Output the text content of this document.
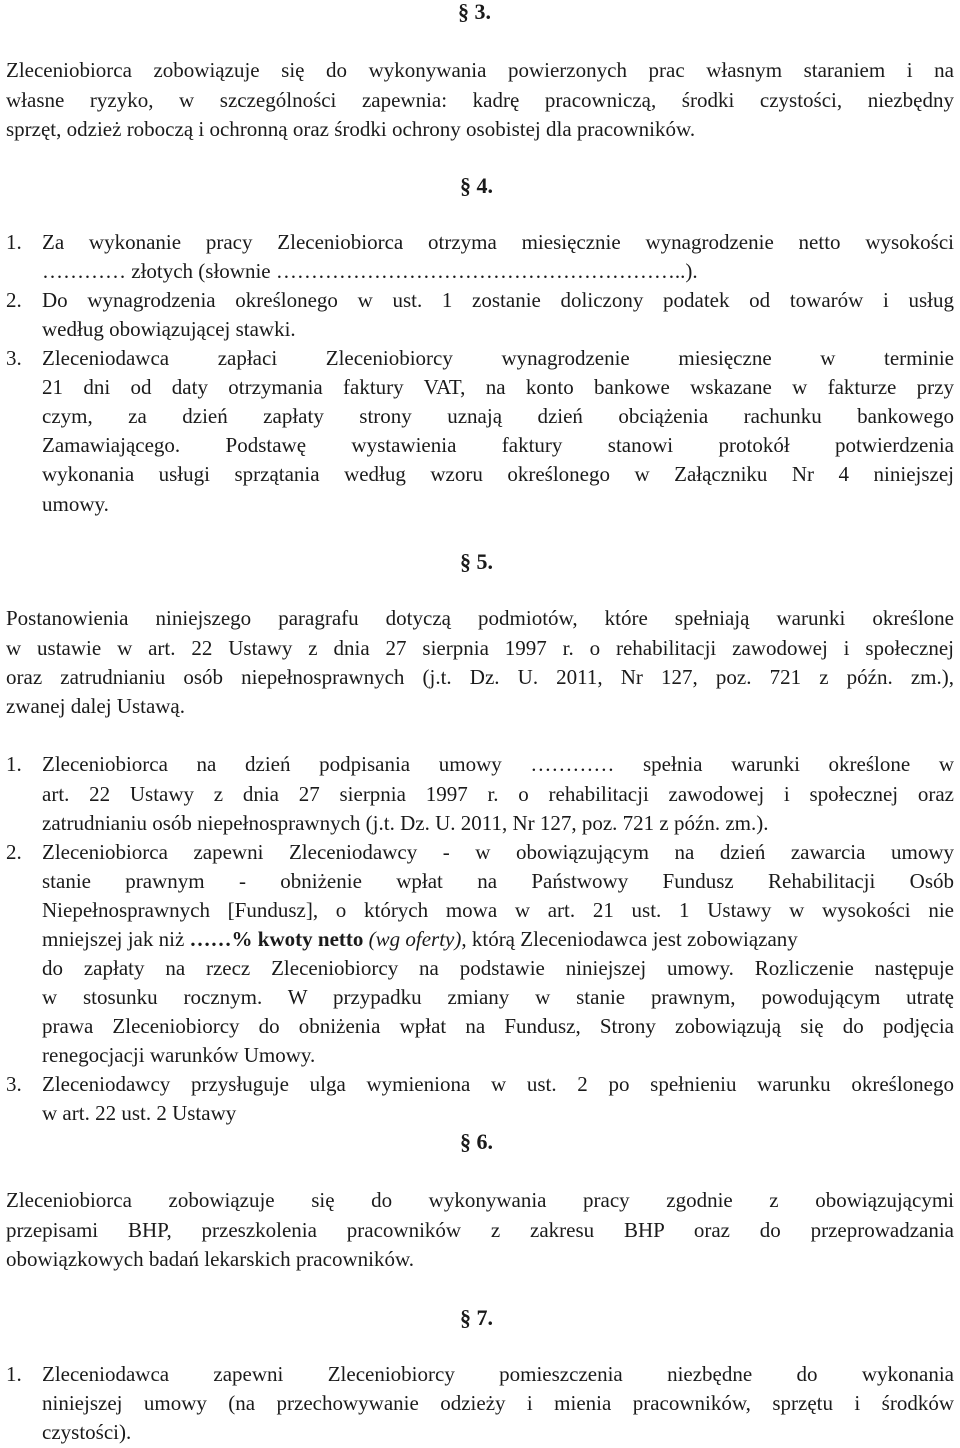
§ 3.
Zleceniobiorca zobowiązuje się do wykonywania powierzonych prac własnym staraniem i na
własne ryzyko, w szczególności zapewnia: kadrę pracowniczą, środki czystości, niezbędny
sprzęt, odzież roboczą i ochronną oraz środki ochrony osobistej dla pracowników.
§ 4.
1. Za wykonanie pracy Zleceniobiorca otrzyma miesięcznie wynagrodzenie netto wysokości
………… złotych (słownie …………………………………………………..).
2. Do wynagrodzenia określonego w ust. 1 zostanie doliczony podatek od towarów i usług
według obowiązującej stawki.
3. Zleceniodawca zapłaci Zleceniobiorcy wynagrodzenie miesięczne w terminie
21 dni od daty otrzymania faktury VAT, na konto bankowe wskazane w fakturze przy
czym, za dzień zapłaty strony uznają dzień obciążenia rachunku bankowego
Zamawiającego. Podstawę wystawienia faktury stanowi protokół potwierdzenia
wykonania usługi sprzątania według wzoru określonego w Załączniku Nr 4 niniejszej
umowy.
§ 5.
Postanowienia niniejszego paragrafu dotyczą podmiotów, które spełniają warunki określone
w ustawie w art. 22 Ustawy z dnia 27 sierpnia 1997 r. o rehabilitacji zawodowej i społecznej
oraz zatrudnianiu osób niepełnosprawnych (j.t. Dz. U. 2011, Nr 127, poz. 721 z późn. zm.),
zwanej dalej Ustawą.
1. Zleceniobiorca na dzień podpisania umowy ………… spełnia warunki określone w
art. 22 Ustawy z dnia 27 sierpnia 1997 r. o rehabilitacji zawodowej i społecznej oraz
zatrudnianiu osób niepełnosprawnych (j.t. Dz. U. 2011, Nr 127, poz. 721 z późn. zm.).
2. Zleceniobiorca zapewni Zleceniodawcy - w obowiązującym na dzień zawarcia umowy
stanie prawnym - obniżenie wpłat na Państwowy Fundusz Rehabilitacji Osób
Niepełnosprawnych [Fundusz], o których mowa w art. 21 ust. 1 Ustawy w wysokości nie
mniejszej jak niż ……% kwoty netto (wg oferty), którą Zleceniodawca jest zobowiązany
do zapłaty na rzecz Zleceniobiorcy na podstawie niniejszej umowy. Rozliczenie następuje
w stosunku rocznym. W przypadku zmiany w stanie prawnym, powodującym utratę
prawa Zleceniobiorcy do obniżenia wpłat na Fundusz, Strony zobowiązują się do podjęcia
renegocjacji warunków Umowy.
3. Zleceniodawcy przysługuje ulga wymieniona w ust. 2 po spełnieniu warunku określonego
w art. 22 ust. 2 Ustawy
§ 6.
Zleceniobiorca zobowiązuje się do wykonywania pracy zgodnie z obowiązującymi
przepisami BHP, przeszkolenia pracowników z zakresu BHP oraz do przeprowadzania
obowiązkowych badań lekarskich pracowników.
§ 7.
1. Zleceniodawca zapewni Zleceniobiorcy pomieszczenia niezbędne do wykonania
niniejszej umowy (na przechowywanie odzieży i mienia pracowników, sprzętu i środków
czystości).
